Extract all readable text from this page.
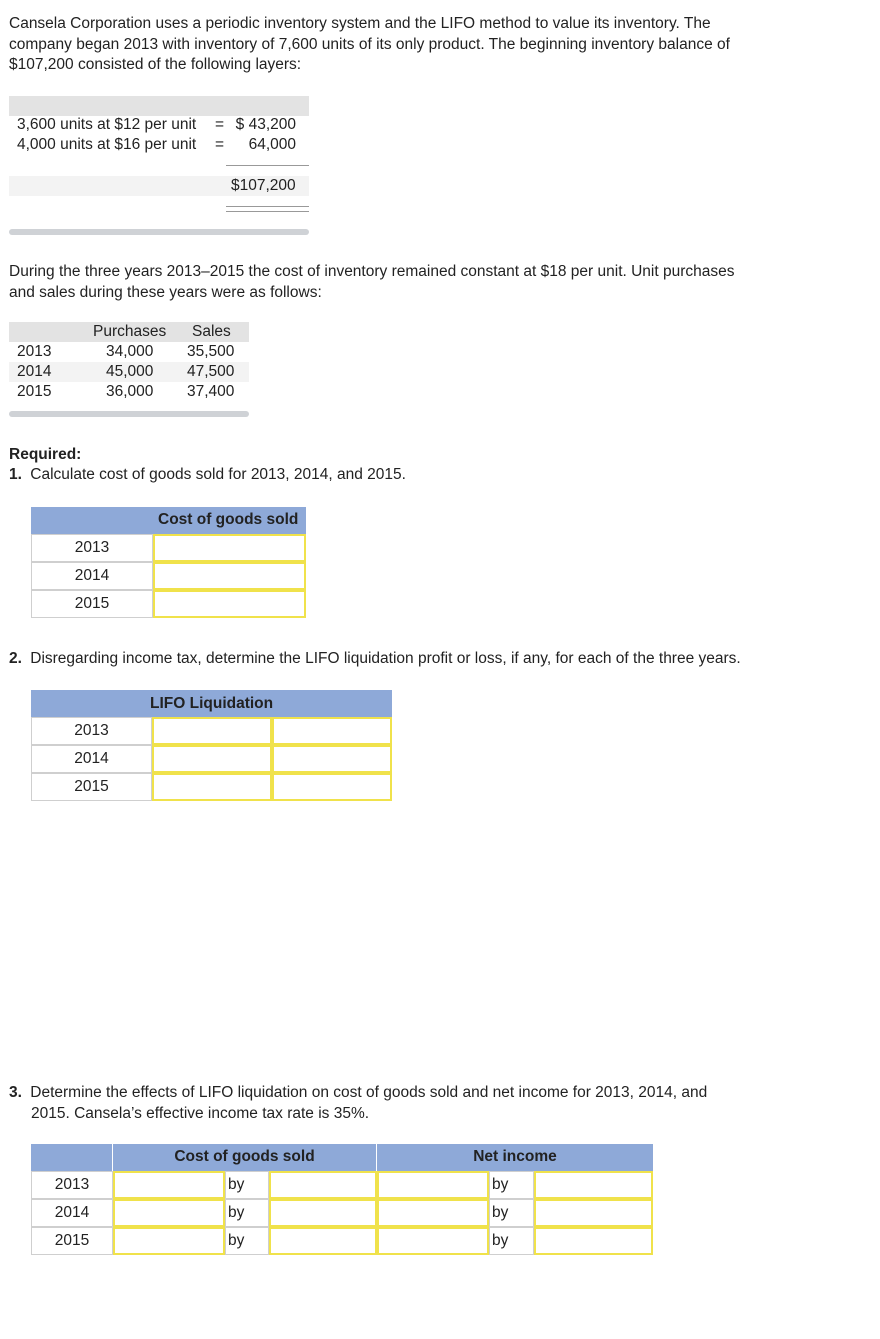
Cansela Corporation uses a periodic inventory system and the LIFO method to value its inventory. The
company began 2013 with inventory of 7,600 units of its only product. The beginning inventory balance of
$107,200 consisted of the following layers:
3,600 units at $12 per unit = $ 43,200
4,000 units at $16 per unit = 64,000
$107,200
During the three years 2013–2015 the cost of inventory remained constant at $18 per unit. Unit purchases
and sales during these years were as follows:
Purchases Sales
2013	34,000 35,500
2014	45,000 47,500
2015	36,000 37,400
Required:
1. Calculate cost of goods sold for 2013, 2014, and 2015.
Cost of goods sold
2013
2014
2015
2. Disregarding income tax, determine the LIFO liquidation profit or loss, if any, for each of the three years.
LIFO Liquidation
2013
2014
2015
3. Determine the effects of LIFO liquidation on cost of goods sold and net income for 2013, 2014, and
2015. Cansela’s effective income tax rate is 35%.
Cost of goods sold	Net income
2013	by	by
2014	by	by
2015	by	by
